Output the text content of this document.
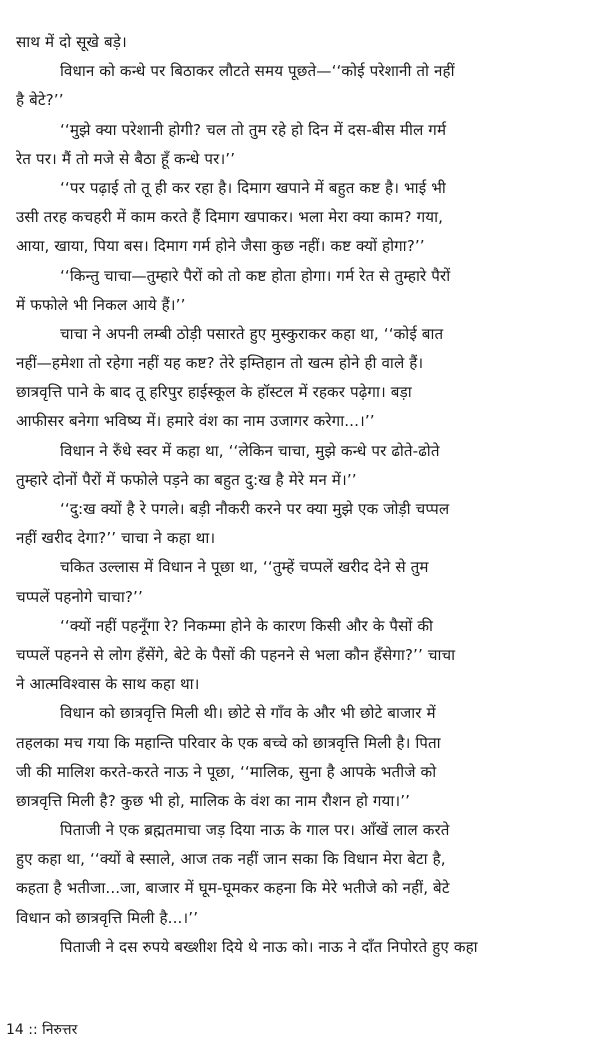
साथ में दो सूखे बड़े।
विधान को कन्धे पर बिठाकर लौटते समय पूछते—‘‘कोई परेशानी तो नहीं
है बेटे?’’
‘‘मुझे क्या परेशानी होगी? चल तो तुम रहे हो दिन में दस-बीस मील गर्म
रेत पर। मैं तो मजे से बैठा हूँ कन्धे पर।’’
‘‘पर पढ़ाई तो तू ही कर रहा है। दिमाग खपाने में बहुत कष्ट है। भाई भी
उसी तरह कचहरी में काम करते हैं दिमाग खपाकर। भला मेरा क्या काम? गया,
आया, खाया, पिया बस। दिमाग गर्म होने जैसा कुछ नहीं। कष्ट क्यों होगा?’’
‘‘किन्तु चाचा—तुम्हारे पैरों को तो कष्ट होता होगा। गर्म रेत से तुम्हारे पैरों
में फफोले भी निकल आये हैं।’’
चाचा ने अपनी लम्बी ठोड़ी पसारते हुए मुस्कुराकर कहा था, ‘‘कोई बात
नहीं—हमेशा तो रहेगा नहीं यह कष्ट? तेरे इम्तिहान तो खत्म होने ही वाले हैं।
छात्रवृत्ति पाने के बाद तू हरिपुर हाईस्कूल के हॉस्टल में रहकर पढ़ेगा। बड़ा
आफीसर बनेगा भविष्य में। हमारे वंश का नाम उजागर करेगा...।’’
विधान ने रुँधे स्वर में कहा था, ‘‘लेकिन चाचा, मुझे कन्धे पर ढोते-ढोते
तुम्हारे दोनों पैरों में फफोले पड़ने का बहुत दु:ख है मेरे मन में।’’
‘‘दु:ख क्यों है रे पगले। बड़ी नौकरी करने पर क्या मुझे एक जोड़ी चप्पल
नहीं खरीद देगा?’’ चाचा ने कहा था।
चकित उल्लास में विधान ने पूछा था, ‘‘तुम्हें चप्पलें खरीद देने से तुम
चप्पलें पहनोगे चाचा?’’
‘‘क्यों नहीं पहनूँगा रे? निकम्मा होने के कारण किसी और के पैसों की
चप्पलें पहनने से लोग हँसेंगे, बेटे के पैसों की पहनने से भला कौन हँसेगा?’’ चाचा
ने आत्मविश्वास के साथ कहा था।
विधान को छात्रवृत्ति मिली थी। छोटे से गाँव के और भी छोटे बाजार में
तहलका मच गया कि महान्ति परिवार के एक बच्चे को छात्रवृत्ति मिली है। पिता
जी की मालिश करते-करते नाऊ ने पूछा, ‘‘मालिक, सुना है आपके भतीजे को
छात्रवृत्ति मिली है? कुछ भी हो, मालिक के वंश का नाम रौशन हो गया।’’
पिताजी ने एक ब्रह्मतमाचा जड़ दिया नाऊ के गाल पर। आँखें लाल करते
हुए कहा था, ‘‘क्यों बे स्साले, आज तक नहीं जान सका कि विधान मेरा बेटा है,
कहता है भतीजा...जा, बाजार में घूम-घूमकर कहना कि मेरे भतीजे को नहीं, बेटे
विधान को छात्रवृत्ति मिली है...।’’
पिताजी ने दस रुपये बख्शीश दिये थे नाऊ को। नाऊ ने दाँत निपोरते हुए कहा
14 :: निरुत्तर
